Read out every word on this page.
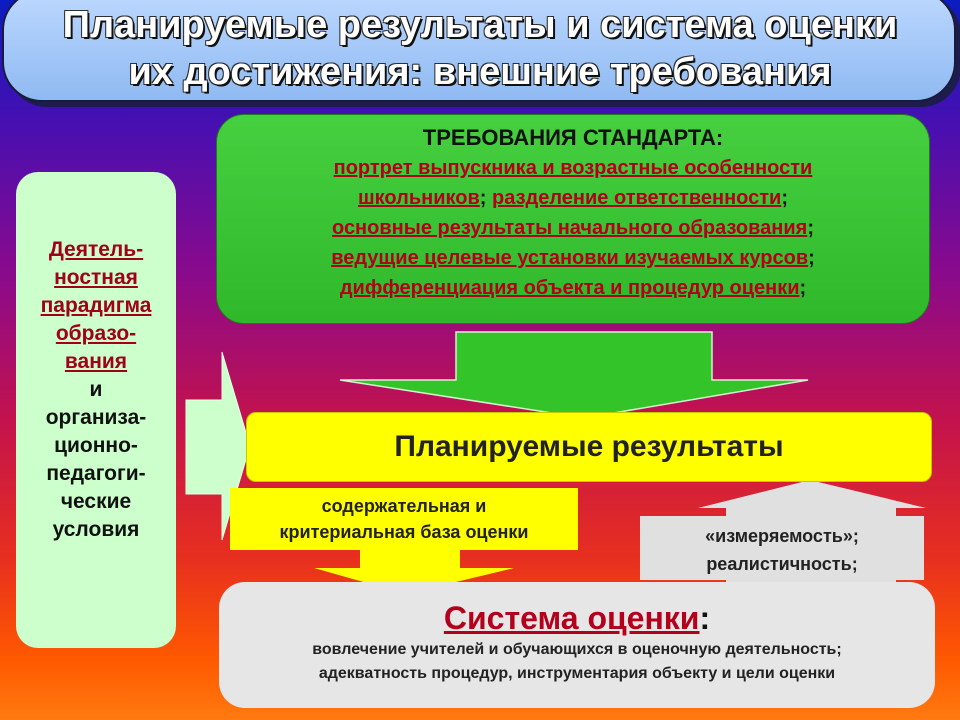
Планируемые результаты и система оценки
их достижения: внешние требования
ТРЕБОВАНИЯ СТАНДАРТА:
портрет выпускника и возрастные особенности
школьников; разделение ответственности;
основные результаты начального образования;
ведущие целевые установки изучаемых курсов;
дифференциация объекта и процедур оценки;
Деятель-
ностная
парадигма
образо-
вания
и
организа-
ционно-
педагоги-
ческие
условия
Планируемые результаты
содержательная и
критериальная база оценки	«измеряемость»;
реалистичность;
Система оценки:
вовлечение учителей и обучающихся в оценочную деятельность;
адекватность процедур, инструментария объекту и цели оценки
